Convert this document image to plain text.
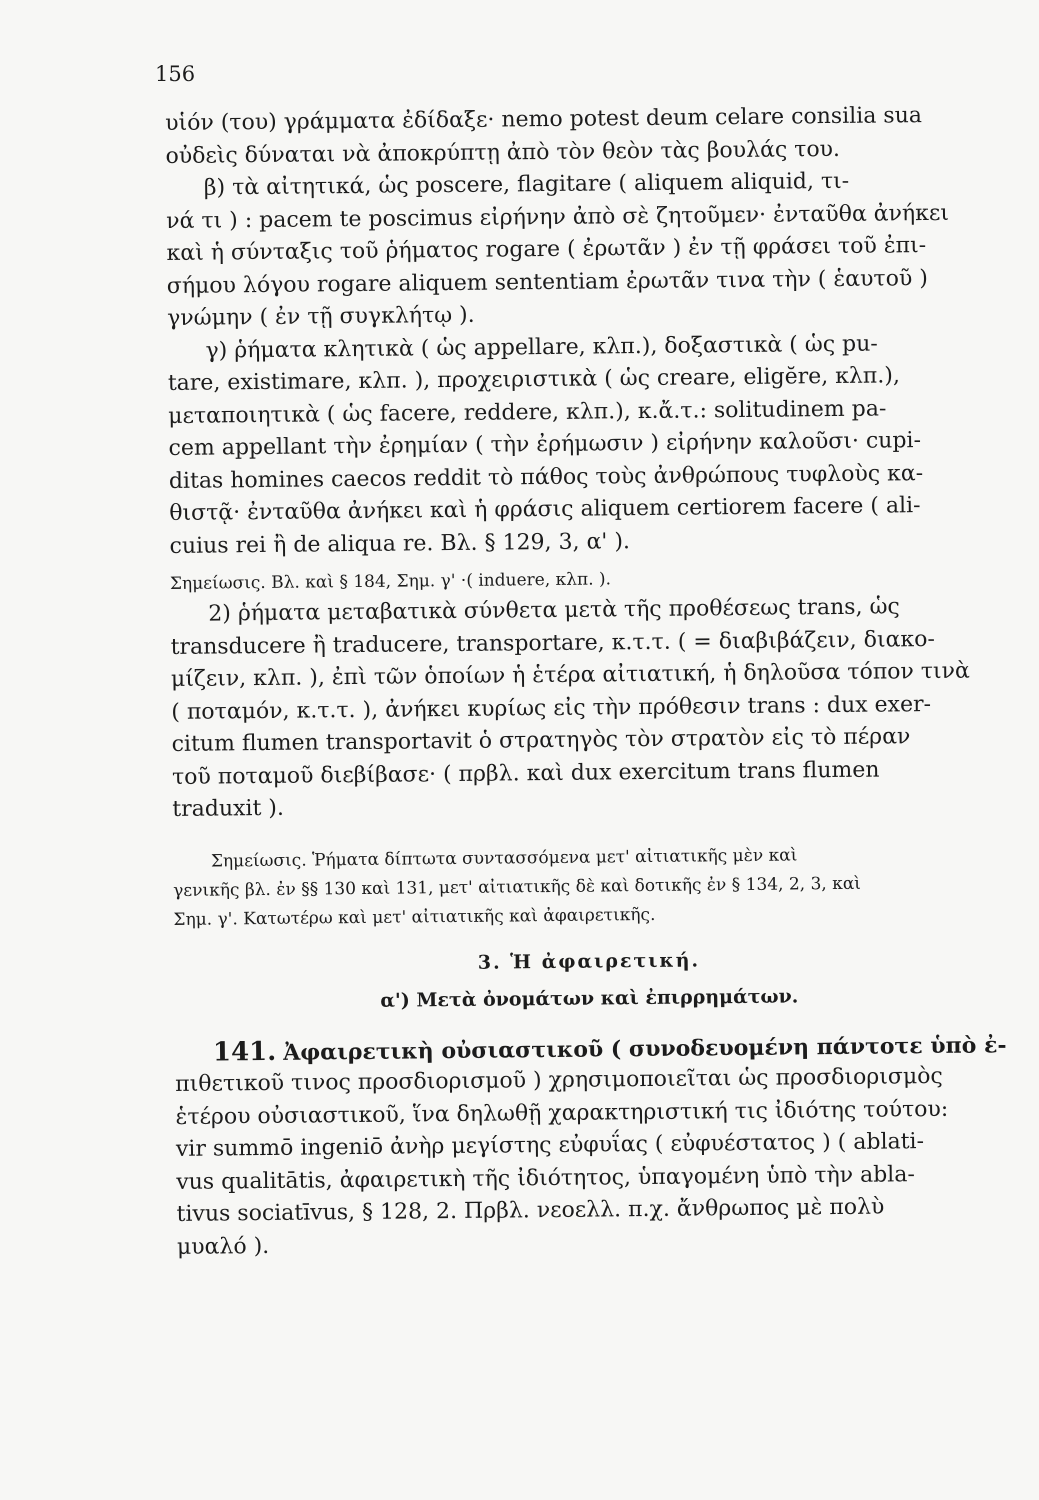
156
υἱόν (του) γράμματα ἐδίδαξε· nemo potest deum celare consilia sua
οὐδεὶς δύναται νὰ ἀποκρύπτῃ ἀπὸ τὸν θεὸν τὰς βουλάς του.
β) τὰ αἰτητικά, ὡς poscere, flagitare ( aliquem aliquid, τι-
νά τι ) : pacem te poscimus εἰρήνην ἀπὸ σὲ ζητοῦμεν· ἐνταῦθα ἀνήκει
καὶ ἡ σύνταξις τοῦ ῥήματος rogare ( ἐρωτᾶν ) ἐν τῇ φράσει τοῦ ἐπι-
σήμου λόγου rogare aliquem sententiam ἐρωτᾶν τινα τὴν ( ἑαυτοῦ )
γνώμην ( ἐν τῇ συγκλήτῳ ).
γ) ῥήματα κλητικὰ ( ὡς appellare, κλπ.), δοξαστικὰ ( ὡς pu-
tare, existimare, κλπ. ), προχειριστικὰ ( ὡς creare, eligĕre, κλπ.),
μεταποιητικὰ ( ὡς facere, reddere, κλπ.), κ.ἄ.τ.: solitudinem pa-
cem appellant τὴν ἐρημίαν ( τὴν ἐρήμωσιν ) εἰρήνην καλοῦσι· cupi-
ditas homines caecos reddit τὸ πάθος τοὺς ἀνθρώπους τυφλοὺς κα-
θιστᾷ· ἐνταῦθα ἀνήκει καὶ ἡ φράσις aliquem certiorem facere ( ali-
cuius rei ἢ de aliqua re. Βλ. § 129, 3, α' ).
Σημείωσις. Βλ. καὶ § 184, Σημ. γ' ·( induere, κλπ. ).
2) ῥήματα μεταβατικὰ σύνθετα μετὰ τῆς προθέσεως trans, ὡς
transducere ἢ traducere, transportare, κ.τ.τ. ( = διαβιβάζειν, διακο-
μίζειν, κλπ. ), ἐπὶ τῶν ὁποίων ἡ ἑτέρα αἰτιατική, ἡ δηλοῦσα τόπον τινὰ
( ποταμόν, κ.τ.τ. ), ἀνήκει κυρίως εἰς τὴν πρόθεσιν trans : dux exer-
citum flumen transportavit ὁ στρατηγὸς τὸν στρατὸν εἰς τὸ πέραν
τοῦ ποταμοῦ διεβίβασε· ( πρβλ. καὶ dux exercitum trans flumen
traduxit ).
Σημείωσις. Ῥήματα δίπτωτα συντασσόμενα μετ' αἰτιατικῆς μὲν καὶ
γενικῆς βλ. ἐν §§ 130 καὶ 131, μετ' αἰτιατικῆς δὲ καὶ δοτικῆς ἐν § 134, 2, 3, καὶ
Σημ. γ'. Κατωτέρω καὶ μετ' αἰτιατικῆς καὶ ἀφαιρετικῆς.
3. Ἡ ἀφαιρετική.
α') Μετὰ ὀνομάτων καὶ ἐπιρρημάτων.
141. Ἀφαιρετικὴ οὐσιαστικοῦ ( συνοδευομένη πάντοτε ὑπὸ ἐ-
πιθετικοῦ τινος προσδιορισμοῦ ) χρησιμοποιεῖται ὡς προσδιορισμὸς
ἑτέρου οὐσιαστικοῦ, ἵνα δηλωθῇ χαρακτηριστική τις ἰδιότης τούτου:
vir summō ingeniō ἀνὴρ μεγίστης εὐφυΐας ( εὐφυέστατος ) ( ablati-
vus qualitātis, ἀφαιρετικὴ τῆς ἰδιότητος, ὑπαγομένη ὑπὸ τὴν abla-
tivus sociatīvus, § 128, 2. Πρβλ. νεοελλ. π.χ. ἄνθρωπος μὲ πολὺ
μυαλό ).
